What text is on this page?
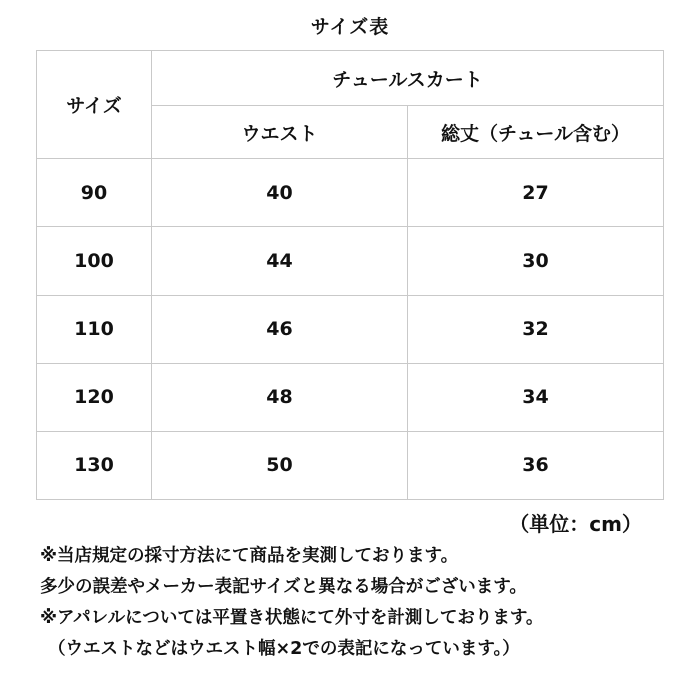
サイズ表
サイズ	チュールスカート	
	ウエスト	総丈（チュール含む）
90	40	27
100	44	30
110	46	32
120	48	34
130	50	36
（単位：cm）
※当店規定の採寸方法にて商品を実測しております。
多少の誤差やメーカー表記サイズと異なる場合がございます。
※アパレルについては平置き状態にて外寸を計測しております。
（ウエストなどはウエスト幅×2での表記になっています。）
